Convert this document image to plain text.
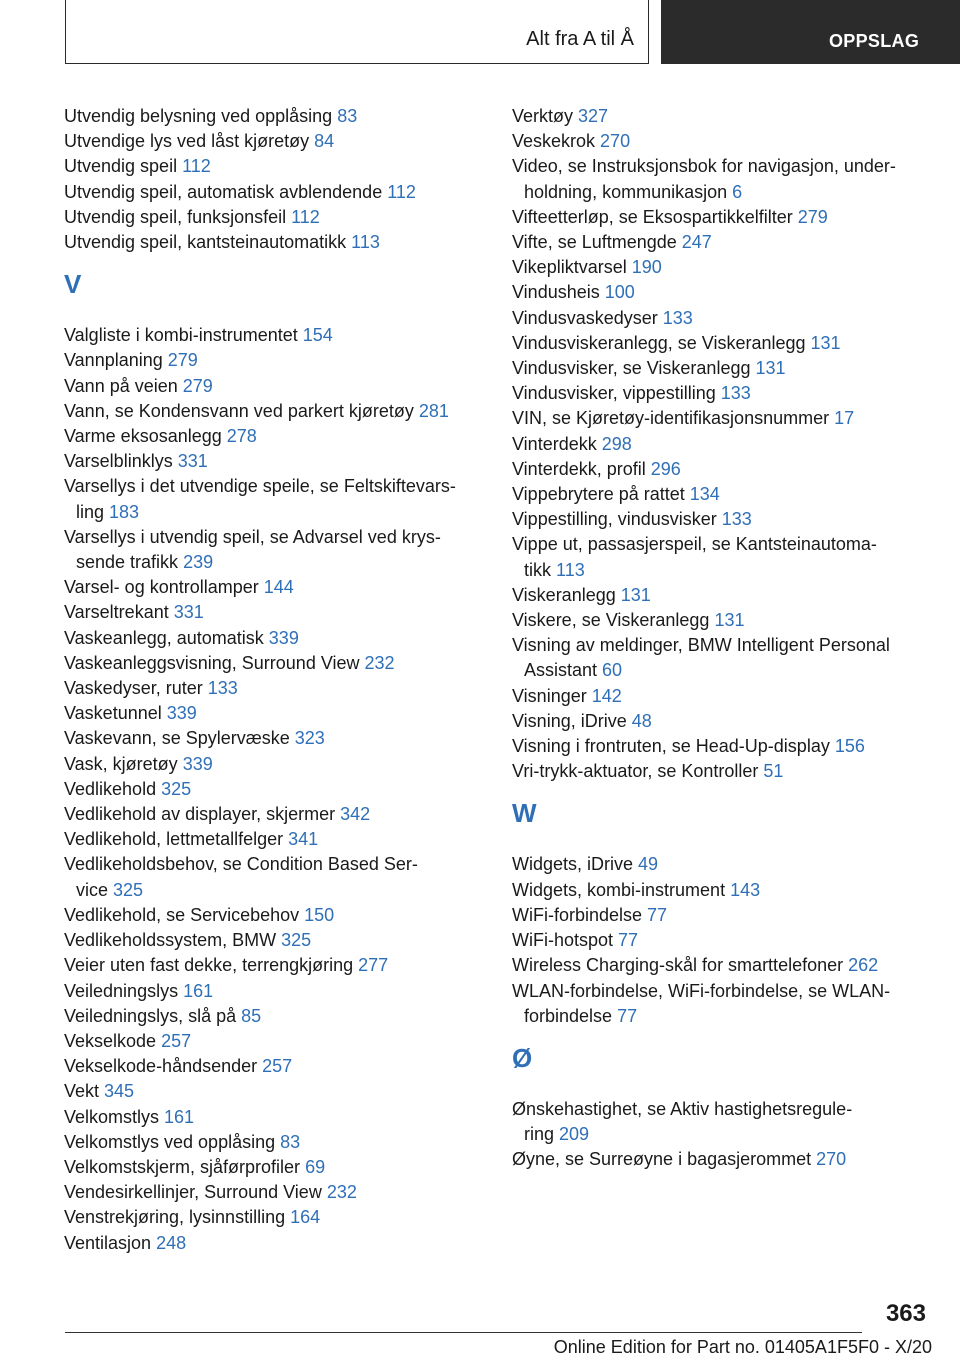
Alt fra A til Å	OPPSLAG
Utvendig belysning ved opplåsing 83
Utvendige lys ved låst kjøretøy 84
Utvendig speil 112
Utvendig speil, automatisk avblendende 112
Utvendig speil, funksjonsfeil 112
Utvendig speil, kantsteinautomatikk 113
V
Valgliste i kombi-instrumentet 154
Vannplaning 279
Vann på veien 279
Vann, se Kondensvann ved parkert kjøretøy 281
Varme eksosanlegg 278
Varselblinklys 331
Varsellys i det utvendige speile, se Feltskiftevars‐
ling 183
Varsellys i utvendig speil, se Advarsel ved krys‐
sende trafikk 239
Varsel- og kontrollamper 144
Varseltrekant 331
Vaskeanlegg, automatisk 339
Vaskeanleggsvisning, Surround View 232
Vaskedyser, ruter 133
Vasketunnel 339
Vaskevann, se Spylervæske 323
Vask, kjøretøy 339
Vedlikehold 325
Vedlikehold av displayer, skjermer 342
Vedlikehold, lettmetallfelger 341
Vedlikeholdsbehov, se Condition Based Ser‐
vice 325
Vedlikehold, se Servicebehov 150
Vedlikeholdssystem, BMW 325
Veier uten fast dekke, terrengkjøring 277
Veiledningslys 161
Veiledningslys, slå på 85
Vekselkode 257
Vekselkode-håndsender 257
Vekt 345
Velkomstlys 161
Velkomstlys ved opplåsing 83
Velkomstskjerm, sjåførprofiler 69
Vendesirkellinjer, Surround View 232
Venstrekjøring, lysinnstilling 164
Ventilasjon 248
Verktøy 327
Veskekrok 270
Video, se Instruksjonsbok for navigasjon, under‐
holdning, kommunikasjon 6
Vifteetterløp, se Eksospartikkelfilter 279
Vifte, se Luftmengde 247
Vikepliktvarsel 190
Vindusheis 100
Vindusvaskedyser 133
Vindusviskeranlegg, se Viskeranlegg 131
Vindusvisker, se Viskeranlegg 131
Vindusvisker, vippestilling 133
VIN, se Kjøretøy-identifikasjonsnummer 17
Vinterdekk 298
Vinterdekk, profil 296
Vippebrytere på rattet 134
Vippestilling, vindusvisker 133
Vippe ut, passasjerspeil, se Kantsteinautoma‐
tikk 113
Viskeranlegg 131
Viskere, se Viskeranlegg 131
Visning av meldinger, BMW Intelligent Personal
Assistant 60
Visninger 142
Visning, iDrive 48
Visning i frontruten, se Head-Up-display 156
Vri-trykk-aktuator, se Kontroller 51
W
Widgets, iDrive 49
Widgets, kombi-instrument 143
WiFi-forbindelse 77
WiFi-hotspot 77
Wireless Charging-skål for smarttelefoner 262
WLAN-forbindelse, WiFi-forbindelse, se WLAN-
forbindelse 77
Ø
Ønskehastighet, se Aktiv hastighetsregule‐
ring 209
Øyne, se Surreøyne i bagasjerommet 270
363
Online Edition for Part no. 01405A1F5F0 - X/20
